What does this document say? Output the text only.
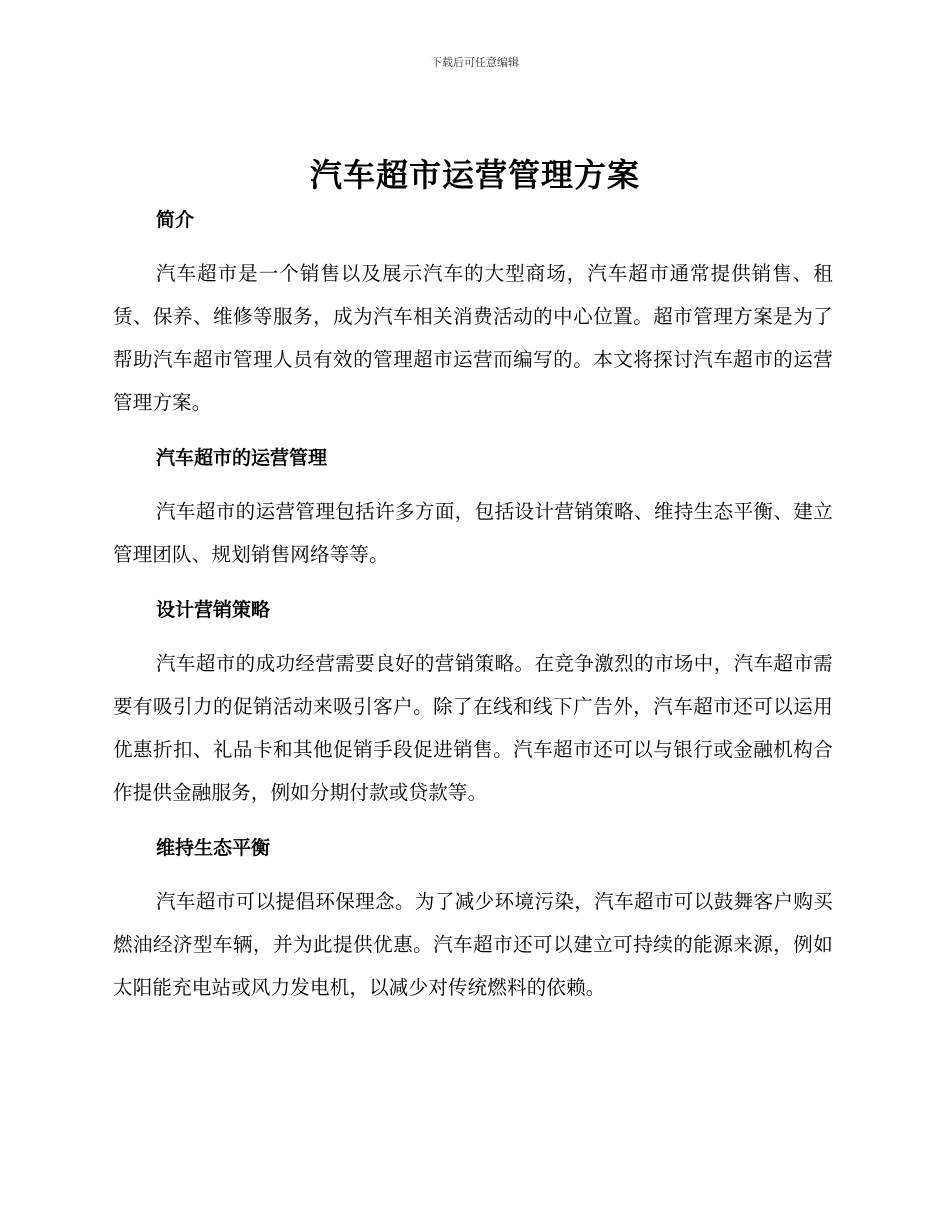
下载后可任意编辑
汽车超市运营管理方案
简介

汽车超市是一个销售以及展示汽车的大型商场，汽车超市通常提供销售、租赁、保养、维修等服务，成为汽车相关消费活动的中心位置。超市管理方案是为了帮助汽车超市管理人员有效的管理超市运营而编写的。本文将探讨汽车超市的运营管理方案。

汽车超市的运营管理

汽车超市的运营管理包括许多方面，包括设计营销策略、维持生态平衡、建立管理团队、规划销售网络等等。

设计营销策略

汽车超市的成功经营需要良好的营销策略。在竞争激烈的市场中，汽车超市需要有吸引力的促销活动来吸引客户。除了在线和线下广告外，汽车超市还可以运用优惠折扣、礼品卡和其他促销手段促进销售。汽车超市还可以与银行或金融机构合作提供金融服务，例如分期付款或贷款等。

维持生态平衡

汽车超市可以提倡环保理念。为了减少环境污染，汽车超市可以鼓舞客户购买燃油经济型车辆，并为此提供优惠。汽车超市还可以建立可持续的能源来源，例如太阳能充电站或风力发电机，以减少对传统燃料的依赖。
